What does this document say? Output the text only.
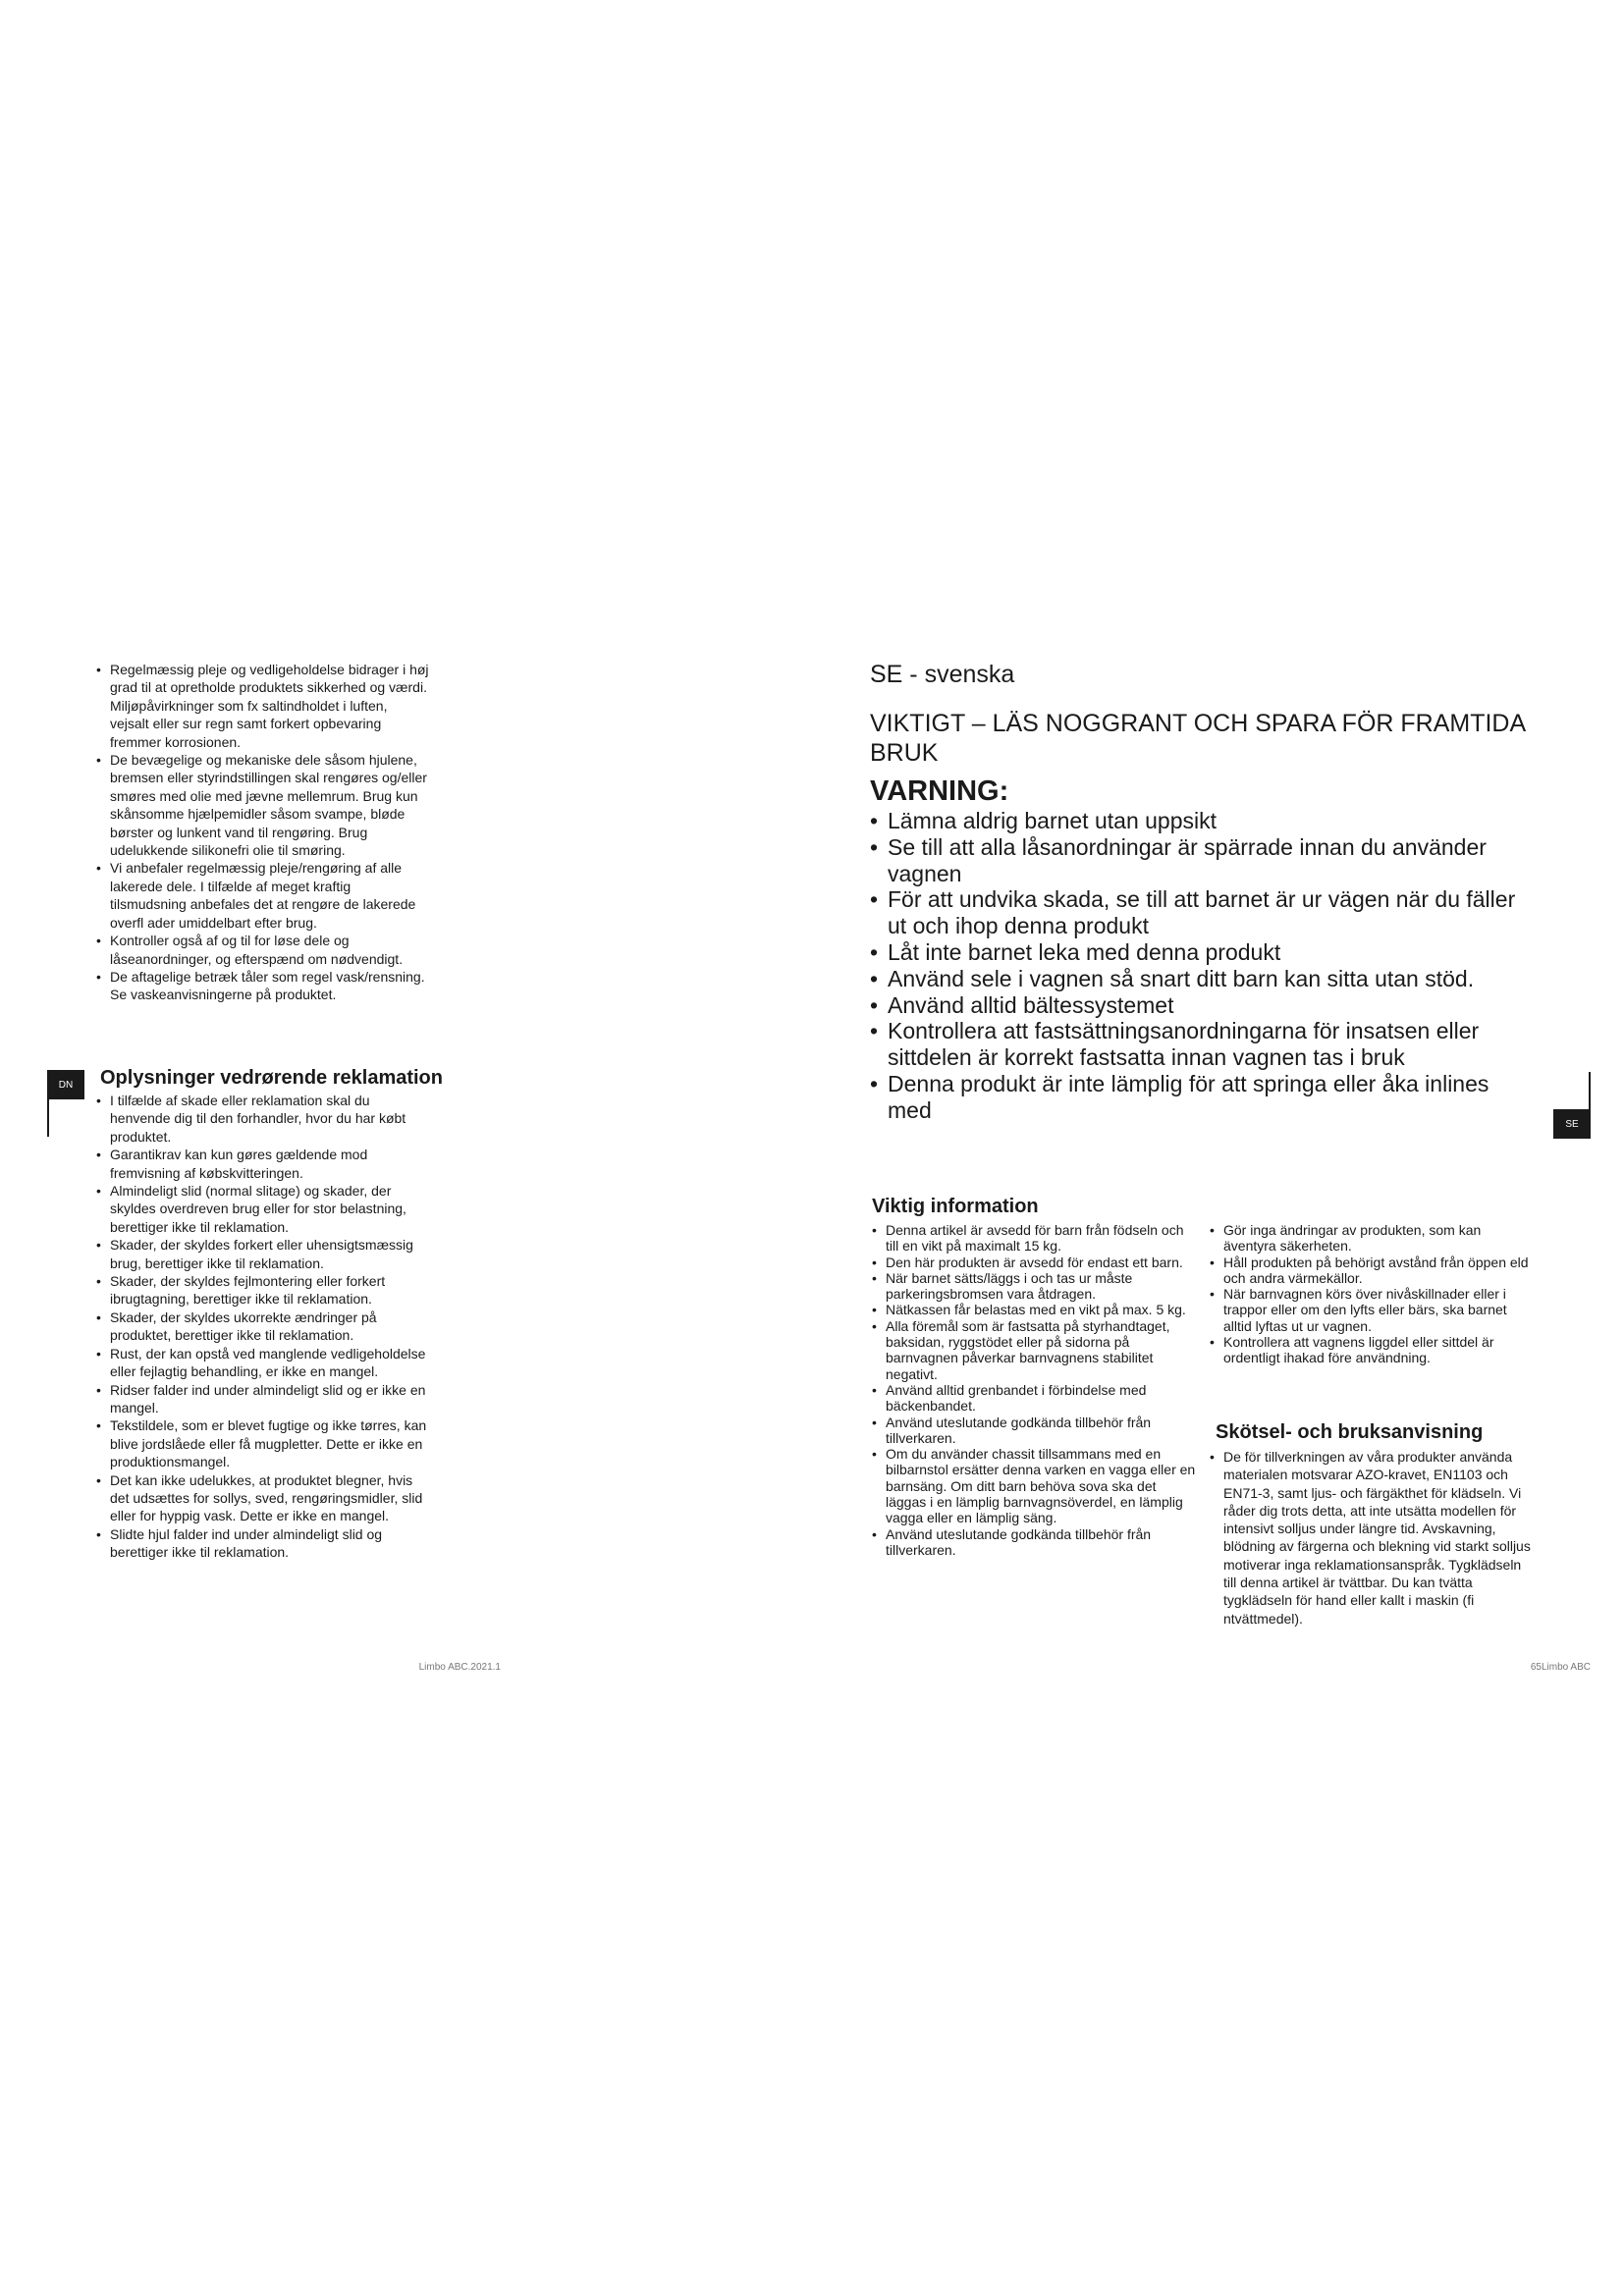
• Regelmæssig pleje og vedligeholdelse bidrager i høj grad til at opretholde produktets sikkerhed og værdi. Miljøpåvirkninger som fx saltindholdet i luften, vejsalt eller sur regn samt forkert opbevaring fremmer korrosionen.
• De bevægelige og mekaniske dele såsom hjulene, bremsen eller styrindstillingen skal rengøres og/eller smøres med olie med jævne mellemrum. Brug kun skånsomme hjælpemidler såsom svampe, bløde børster og lunkent vand til rengøring. Brug udelukkende silikonefri olie til smøring.
• Vi anbefaler regelmæssig pleje/rengøring af alle lakerede dele. I tilfælde af meget kraftig tilsmudsning anbefales det at rengøre de lakerede overfl ader umiddelbart efter brug.
• Kontroller også af og til for løse dele og låseanordninger, og efterspænd om nødvendigt.
• De aftagelige betræk tåler som regel vask/rensning. Se vaskeanvisningerne på produktet.
DN	Oplysninger vedrørende reklamation
• I tilfælde af skade eller reklamation skal du henvende dig til den forhandler, hvor du har købt produktet.
• Garantikrav kan kun gøres gældende mod fremvisning af købskvitteringen.
• Almindeligt slid (normal slitage) og skader, der skyldes overdreven brug eller for stor belastning, berettiger ikke til reklamation.
• Skader, der skyldes forkert eller uhensigtsmæssig brug, berettiger ikke til reklamation.
• Skader, der skyldes fejlmontering eller forkert ibrugtagning, berettiger ikke til reklamation.
• Skader, der skyldes ukorrekte ændringer på produktet, berettiger ikke til reklamation.
• Rust, der kan opstå ved manglende vedligeholdelse eller fejlagtig behandling, er ikke en mangel.
• Ridser falder ind under almindeligt slid og er ikke en mangel.
• Tekstildele, som er blevet fugtige og ikke tørres, kan blive jordslåede eller få mugpletter. Dette er ikke en produktionsmangel.
• Det kan ikke udelukkes, at produktet blegner, hvis det udsættes for sollys, sved, rengøringsmidler, slid eller for hyppig vask. Dette er ikke en mangel.
• Slidte hjul falder ind under almindeligt slid og berettiger ikke til reklamation.
Limbo ABC.2021.1
SE - svenska
VIKTIGT – LÄS NOGGRANT OCH SPARA FÖR FRAMTIDA BRUK
VARNING:
• Lämna aldrig barnet utan uppsikt
• Se till att alla låsanordningar är spärrade innan du använder vagnen
• För att undvika skada, se till att barnet är ur vägen när du fäller ut och ihop denna produkt
• Låt inte barnet leka med denna produkt
• Använd sele i vagnen så snart ditt barn kan sitta utan stöd.
• Använd alltid bältessystemet
• Kontrollera att fastsättningsanordningarna för insatsen eller sittdelen är korrekt fastsatta innan vagnen tas i bruk
• Denna produkt är inte lämplig för att springa eller åka inlines med
SE
Viktig information
• Denna artikel är avsedd för barn från födseln och till en vikt på maximalt 15 kg.
• Den här produkten är avsedd för endast ett barn.
• När barnet sätts/läggs i och tas ur måste parkeringsbromsen vara åtdragen.
• Nätkassen får belastas med en vikt på max. 5 kg.
• Alla föremål som är fastsatta på styrhandtaget, baksidan, ryggstödet eller på sidorna på barnvagnen påverkar barnvagnens stabilitet negativt.
• Använd alltid grenbandet i förbindelse med bäckenbandet.
• Använd uteslutande godkända tillbehör från tillverkaren.
• Om du använder chassit tillsammans med en bilbarnstol ersätter denna varken en vagga eller en barnsäng. Om ditt barn behöva sova ska det läggas i en lämplig barnvagnsöverdel, en lämplig vagga eller en lämplig säng.
• Använd uteslutande godkända tillbehör från tillverkaren.
• Gör inga ändringar av produkten, som kan äventyra säkerheten.
• Håll produkten på behörigt avstånd från öppen eld och andra värmekällor.
• När barnvagnen körs över nivåskillnader eller i trappor eller om den lyfts eller bärs, ska barnet alltid lyftas ut ur vagnen.
• Kontrollera att vagnens liggdel eller sittdel är ordentligt ihakad före användning.
Skötsel- och bruksanvisning
• De för tillverkningen av våra produkter använda materialen motsvarar AZO-kravet, EN1103 och EN71-3, samt ljus- och färgäkthet för klädseln. Vi råder dig trots detta, att inte utsätta modellen för intensivt solljus under längre tid. Avskavning, blödning av färgerna och blekning vid starkt solljus motiverar inga reklamationsanspråk. Tygklädseln till denna artikel är tvättbar. Du kan tvätta tygklädseln för hand eller kallt i maskin (fi ntvättmedel).
65Limbo ABC
